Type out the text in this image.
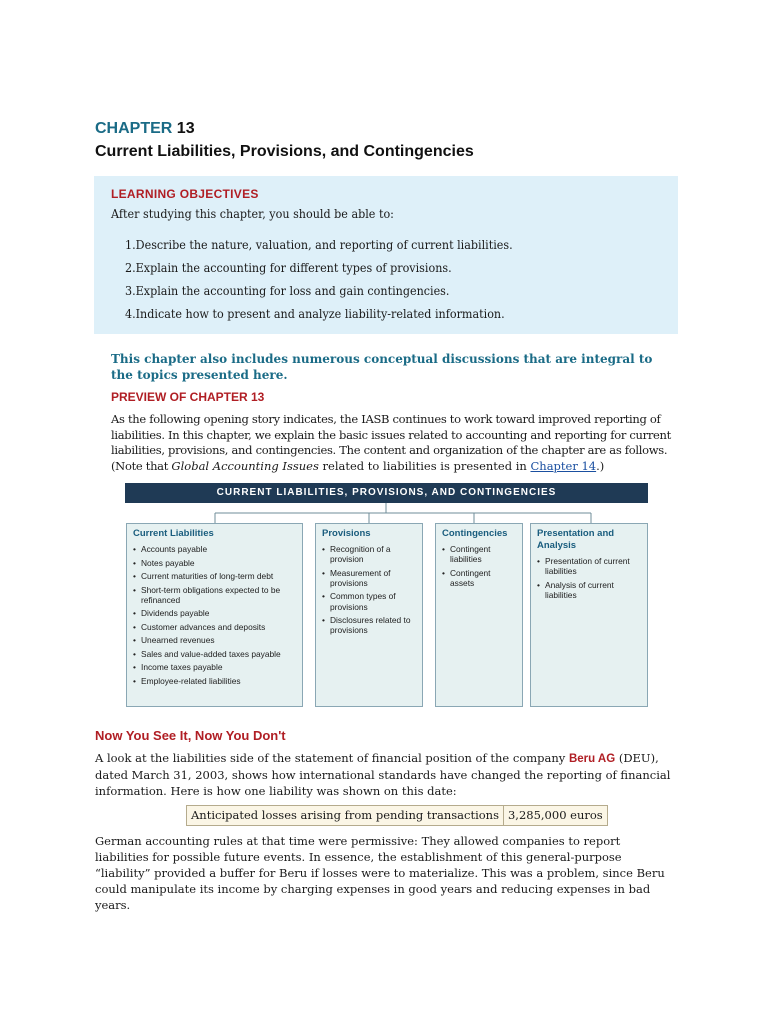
CHAPTER 13
Current Liabilities, Provisions, and Contingencies
LEARNING OBJECTIVES
After studying this chapter, you should be able to:
1.Describe the nature, valuation, and reporting of current liabilities.
2.Explain the accounting for different types of provisions.
3.Explain the accounting for loss and gain contingencies.
4.Indicate how to present and analyze liability-related information.
This chapter also includes numerous conceptual discussions that are integral to the topics presented here.
PREVIEW OF CHAPTER 13
As the following opening story indicates, the IASB continues to work toward improved reporting of liabilities. In this chapter, we explain the basic issues related to accounting and reporting for current liabilities, provisions, and contingencies. The content and organization of the chapter are as follows. (Note that Global Accounting Issues related to liabilities is presented in Chapter 14.)
CURRENT LIABILITIES, PROVISIONS, AND CONTINGENCIES
Current Liabilities
• Accounts payable
• Notes payable
• Current maturities of long-term debt
• Short-term obligations expected to be refinanced
• Dividends payable
• Customer advances and deposits
• Unearned revenues
• Sales and value-added taxes payable
• Income taxes payable
• Employee-related liabilities
Provisions
• Recognition of a provision
• Measurement of provisions
• Common types of provisions
• Disclosures related to provisions
Contingencies
• Contingent liabilities
• Contingent assets
Presentation and Analysis
• Presentation of current liabilities
• Analysis of current liabilities
Now You See It, Now You Don't
A look at the liabilities side of the statement of financial position of the company Beru AG (DEU), dated March 31, 2003, shows how international standards have changed the reporting of financial information. Here is how one liability was shown on this date:
Anticipated losses arising from pending transactions 3,285,000 euros
German accounting rules at that time were permissive: They allowed companies to report liabilities for possible future events. In essence, the establishment of this general-purpose “liability” provided a buffer for Beru if losses were to materialize. This was a problem, since Beru could manipulate its income by charging expenses in good years and reducing expenses in bad years.
